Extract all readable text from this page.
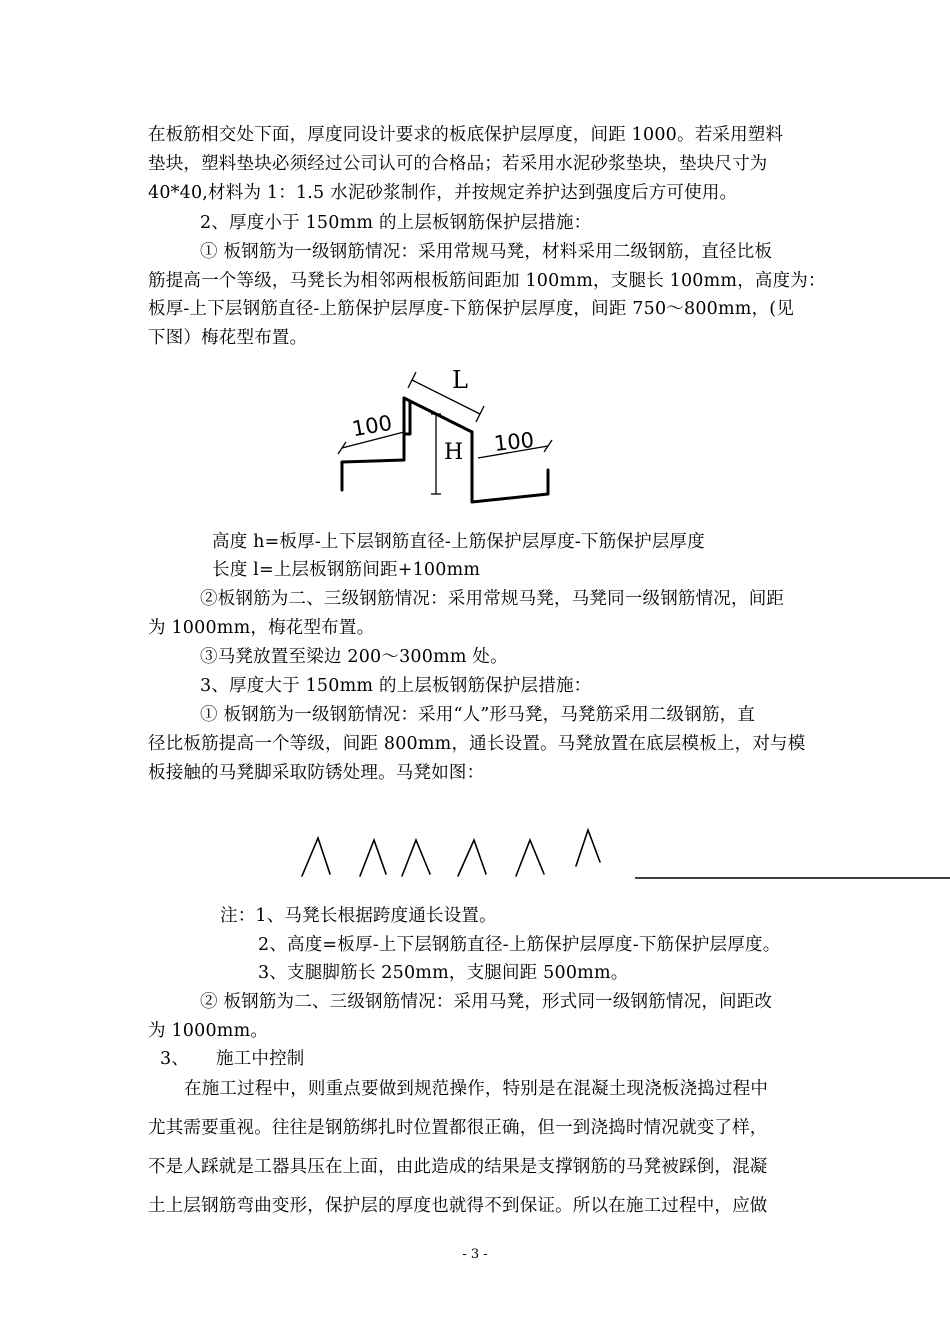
在板筋相交处下面，厚度同设计要求的板底保护层厚度，间距 1000。若采用塑料
垫块，塑料垫块必须经过公司认可的合格品；若采用水泥砂浆垫块，垫块尺寸为
40*40,材料为 1：1.5 水泥砂浆制作，并按规定养护达到强度后方可使用。
2、厚度小于 150mm 的上层板钢筋保护层措施：
① 板钢筋为一级钢筋情况：采用常规马凳，材料采用二级钢筋，直径比板
筋提高一个等级，马凳长为相邻两根板筋间距加 100mm，支腿长 100mm，高度为：
板厚-上下层钢筋直径-上筋保护层厚度-下筋保护层厚度，间距 750～800mm，(见
下图）梅花型布置。
L
H
100
100
高度 h=板厚-上下层钢筋直径-上筋保护层厚度-下筋保护层厚度
长度 l=上层板钢筋间距+100mm
②板钢筋为二、三级钢筋情况：采用常规马凳，马凳同一级钢筋情况，间距
为 1000mm，梅花型布置。
③马凳放置至梁边 200～300mm 处。
3、厚度大于 150mm 的上层板钢筋保护层措施：
① 板钢筋为一级钢筋情况：采用“人”形马凳，马凳筋采用二级钢筋，直
径比板筋提高一个等级，间距 800mm，通长设置。马凳放置在底层模板上，对与模
板接触的马凳脚采取防锈处理。马凳如图：
注：1、马凳长根据跨度通长设置。
2、高度=板厚-上下层钢筋直径-上筋保护层厚度-下筋保护层厚度。
3、支腿脚筋长 250mm，支腿间距 500mm。
② 板钢筋为二、三级钢筋情况：采用马凳，形式同一级钢筋情况，间距改
为 1000mm。
3、 施工中控制
在施工过程中，则重点要做到规范操作，特别是在混凝土现浇板浇捣过程中
尤其需要重视。往往是钢筋绑扎时位置都很正确，但一到浇捣时情况就变了样，
不是人踩就是工器具压在上面，由此造成的结果是支撑钢筋的马凳被踩倒，混凝
土上层钢筋弯曲变形，保护层的厚度也就得不到保证。所以在施工过程中，应做
- 3 -
